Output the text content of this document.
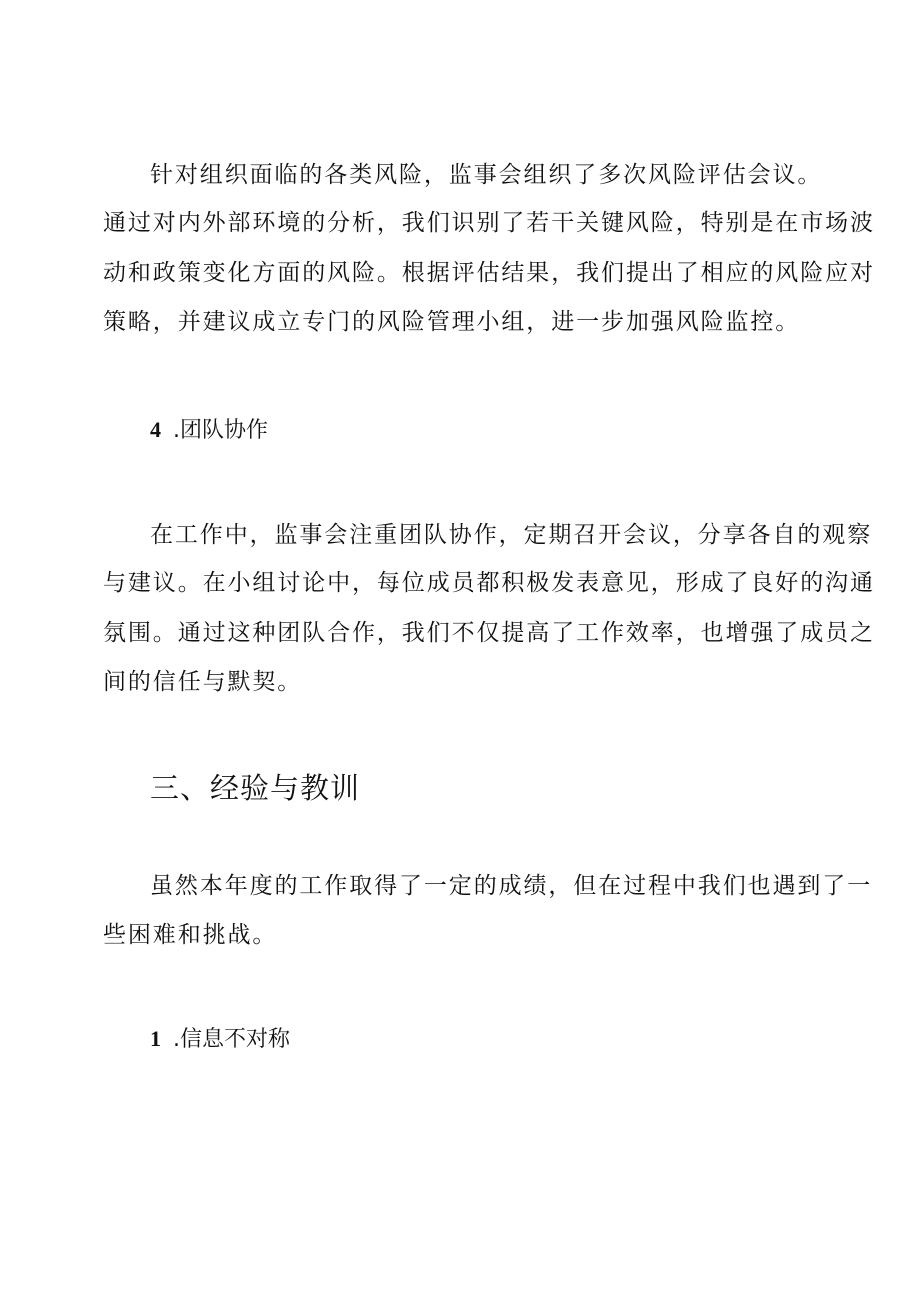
针对组织面临的各类风险，监事会组织了多次风险评估会议。
通过对内外部环境的分析，我们识别了若干关键风险，特别是在市场波
动和政策变化方面的风险。根据评估结果，我们提出了相应的风险应对
策略，并建议成立专门的风险管理小组，进一步加强风险监控。
4 .团队协作
在工作中，监事会注重团队协作，定期召开会议，分享各自的观察
与建议。在小组讨论中，每位成员都积极发表意见，形成了良好的沟通
氛围。通过这种团队合作，我们不仅提高了工作效率，也增强了成员之
间的信任与默契。
三、经验与教训
虽然本年度的工作取得了一定的成绩，但在过程中我们也遇到了一
些困难和挑战。
1 .信息不对称
